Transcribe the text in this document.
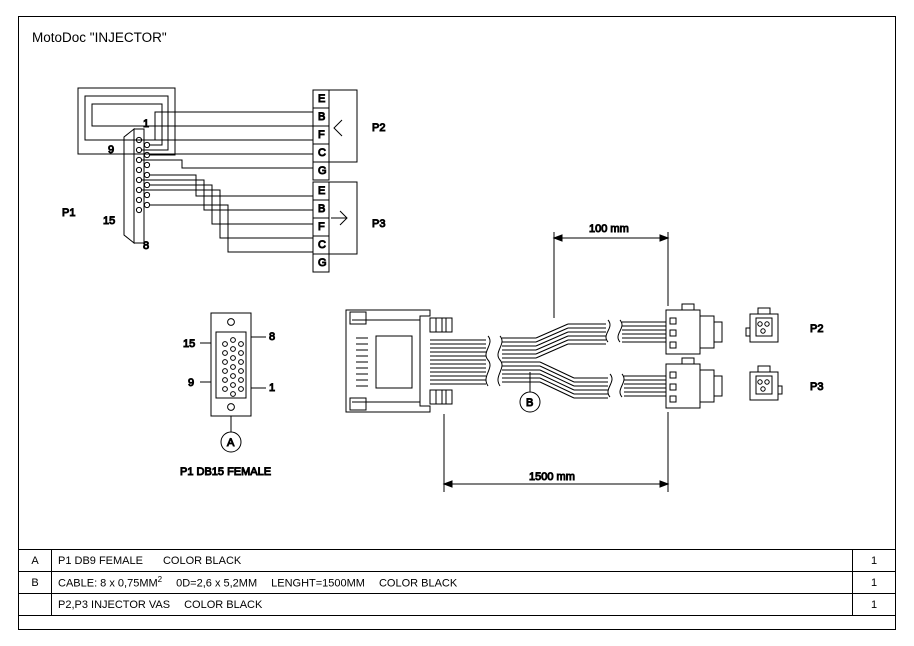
MotoDoc "INJECTOR"
E
B
F
C
G
P2
E
B
F
C
G
P3
1
9
15
8
P1
8
15
9	1
A
P1 DB15 FEMALE
B
P2
P3
100 mm
1500 mm
A	P1 DB9 FEMALE COLOR BLACK	1
B	CABLE: 8 x $0,75MM^2$ 0D=2,6 x 5,2MM LENGHT=1500MM COLOR BLACK	1
	P2,P3 INJECTOR VAS COLOR BLACK	1
